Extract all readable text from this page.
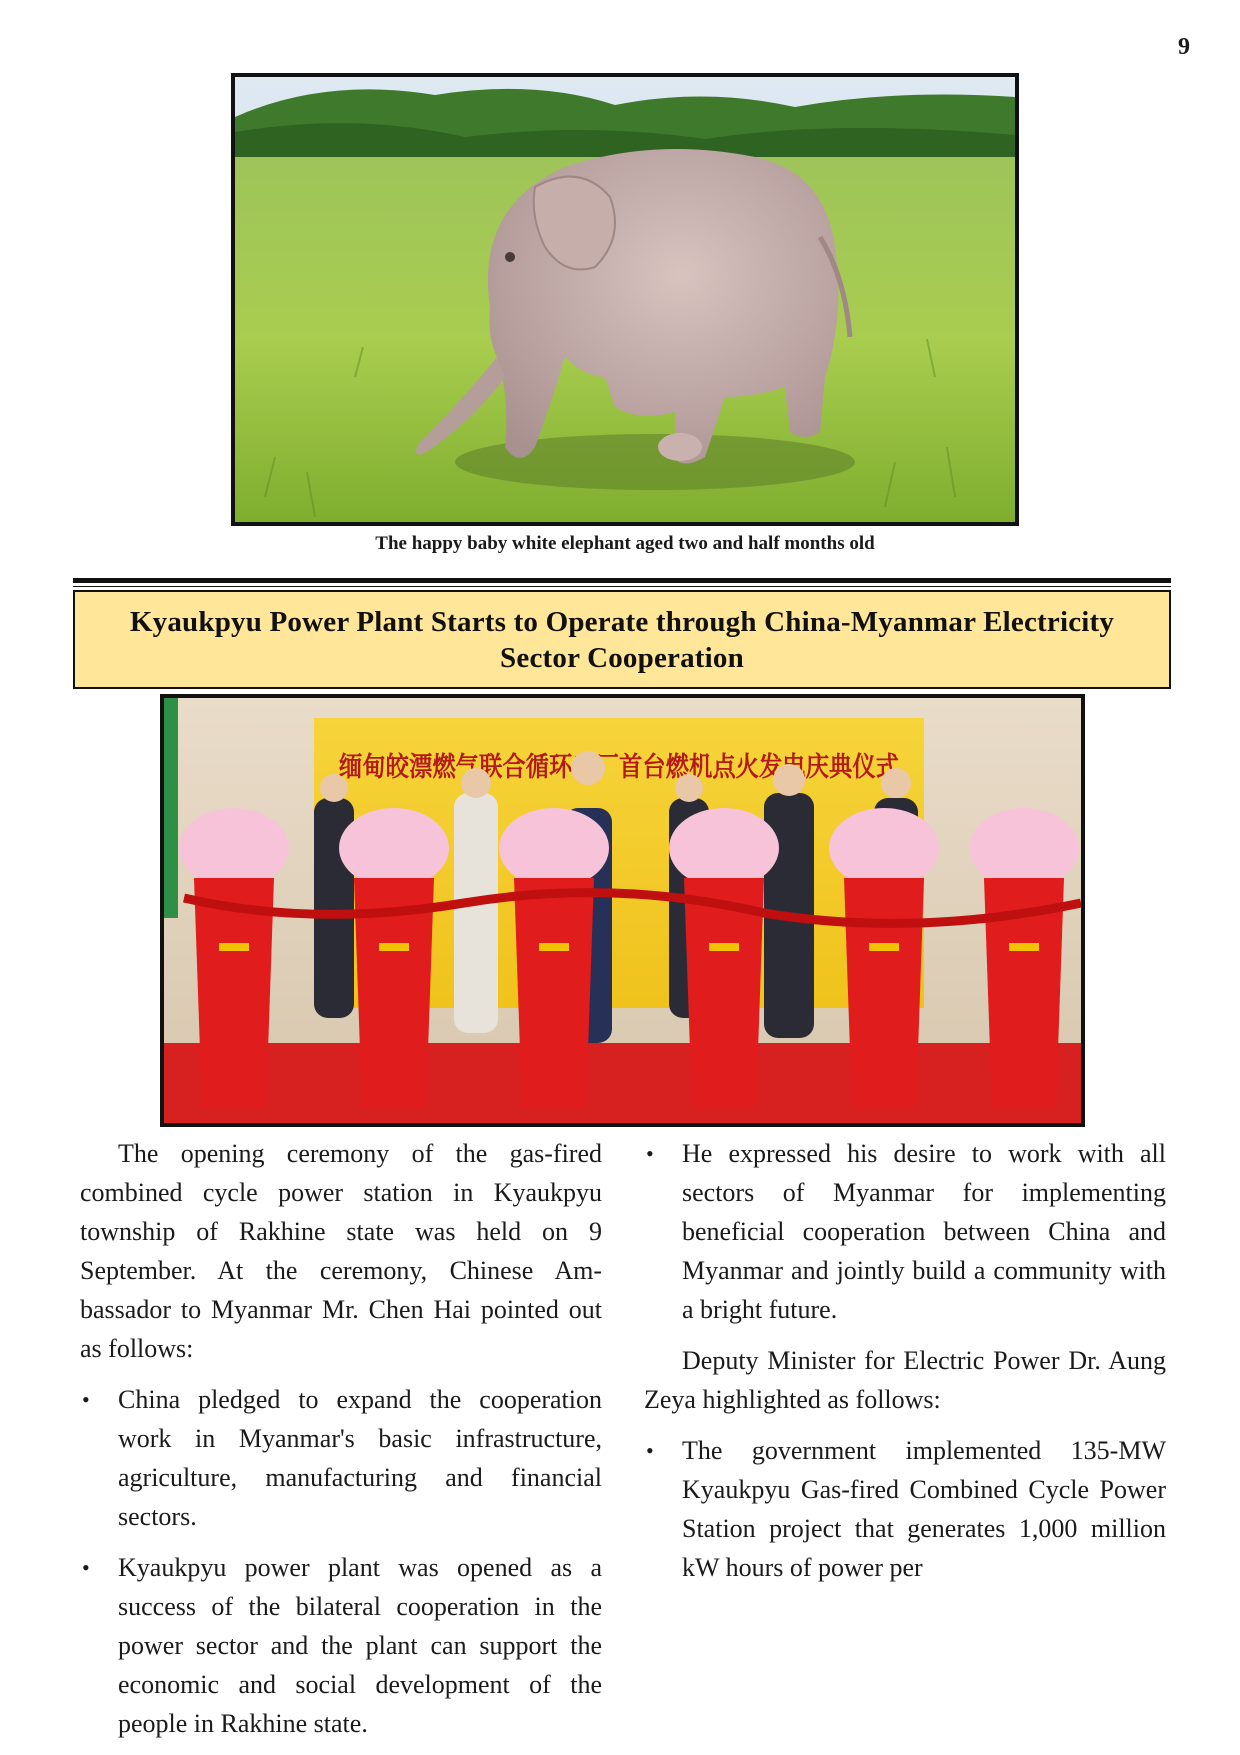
9
The happy baby white elephant aged two and half months old
Kyaukpyu Power Plant Starts to Operate through China-Myanmar Electricity Sector Cooperation
缅甸皎漂燃气联合循环电厂首台燃机点火发电庆典仪式

The opening ceremony of the gas-fired combined cycle power station in Kyaukpyu township of Rakhine state was held on 9 September. At the ceremony, Chinese Ambassador to Myanmar Mr. Chen Hai pointed out as follows:

• China pledged to expand the cooperation work in Myanmar's basic infrastructure, agriculture, manufacturing and financial sectors.
• Kyaukpyu power plant was opened as a success of the bilateral cooperation in the power sector and the plant can support the economic and social development of the people in Rakhine state.
• He expressed his desire to work with all sectors of Myanmar for implementing beneficial cooperation between China and Myanmar and jointly build a community with a bright future.

Deputy Minister for Electric Power Dr. Aung Zeya highlighted as follows:

• The government implemented 135-MW Kyaukpyu Gas-fired Combined Cycle Power Station project that generates 1,000 million kW hours of power per
